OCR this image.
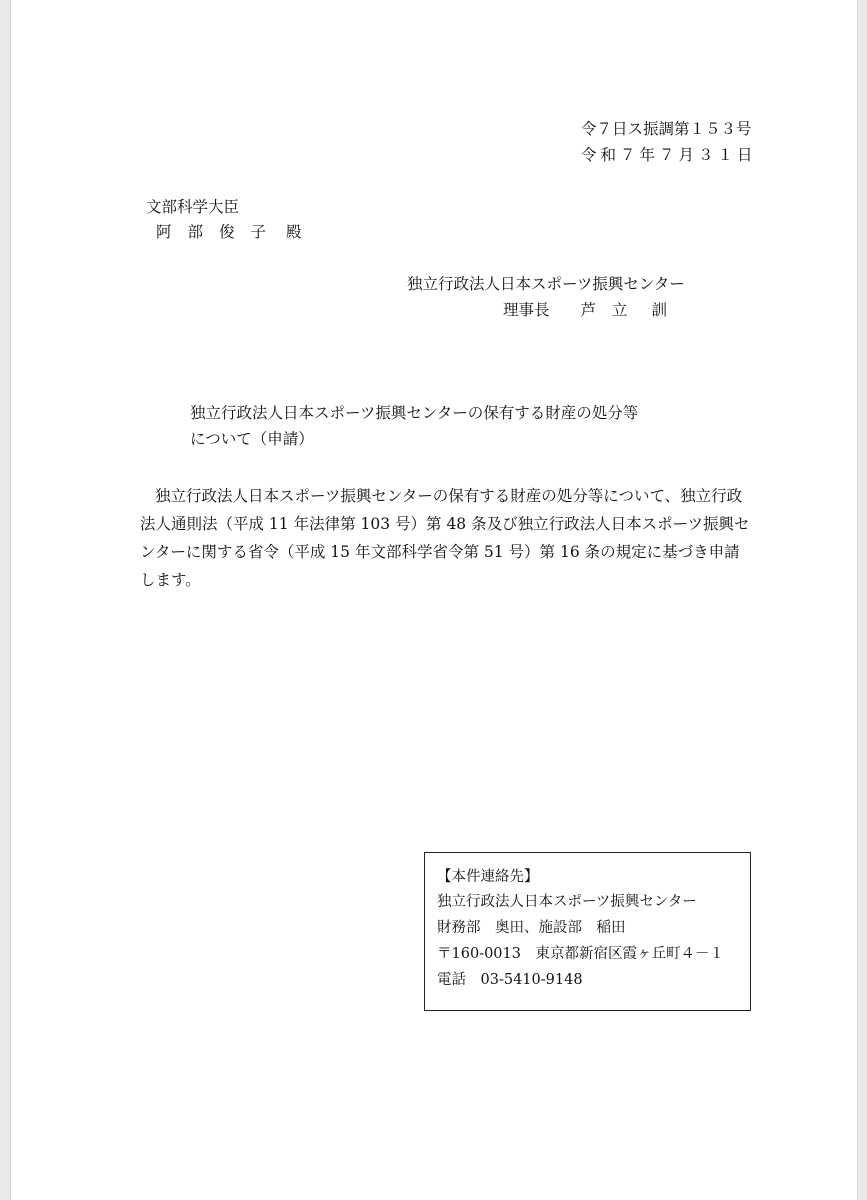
令７日ス振調第１５３号
令和７年７月３１日
文部科学大臣
阿部俊子 殿
独立行政法人日本スポーツ振興センター
理事長 芦立 訓
独立行政法人日本スポーツ振興センターの保有する財産の処分等
について（申請）
独立行政法人日本スポーツ振興センターの保有する財産の処分等について、独立行政法人通則法（平成 11 年法律第 103 号）第 48 条及び独立行政法人日本スポーツ振興センターに関する省令（平成 15 年文部科学省令第 51 号）第 16 条の規定に基づき申請します。
【本件連絡先】
独立行政法人日本スポーツ振興センター
財務部　奥田、施設部　稲田
〒160-0013　東京都新宿区霞ヶ丘町４－１
電話　03-5410-9148
